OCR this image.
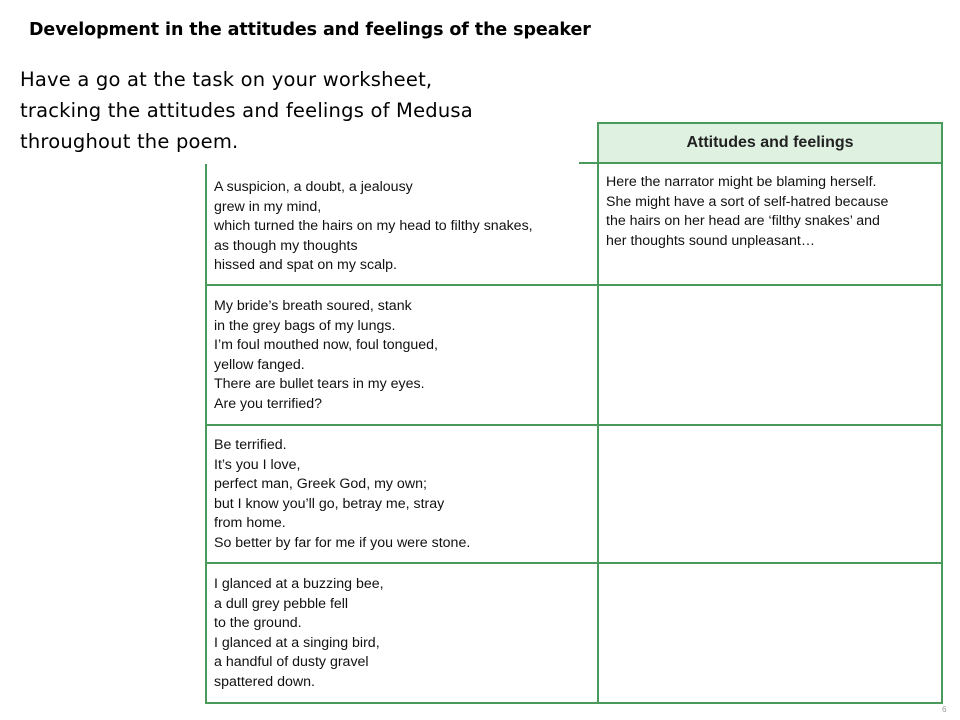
Development in the attitudes and feelings of the speaker
Have a go at the task on your worksheet,
tracking the attitudes and feelings of Medusa
throughout the poem.	Attitudes and feelings
A suspicion, a doubt, a jealousy
grew in my mind,
which turned the hairs on my head to filthy snakes,
as though my thoughts
hissed and spat on my scalp.
Here the narrator might be blaming herself.
She might have a sort of self-hatred because
the hairs on her head are ‘filthy snakes’ and
her thoughts sound unpleasant…
My bride’s breath soured, stank
in the grey bags of my lungs.
I’m foul mouthed now, foul tongued,
yellow fanged.
There are bullet tears in my eyes.
Are you terrified?
Be terrified.
It’s you I love,
perfect man, Greek God, my own;
but I know you’ll go, betray me, stray
from home.
So better by far for me if you were stone.
I glanced at a buzzing bee,
a dull grey pebble fell
to the ground.
I glanced at a singing bird,
a handful of dusty gravel
spattered down.
6
